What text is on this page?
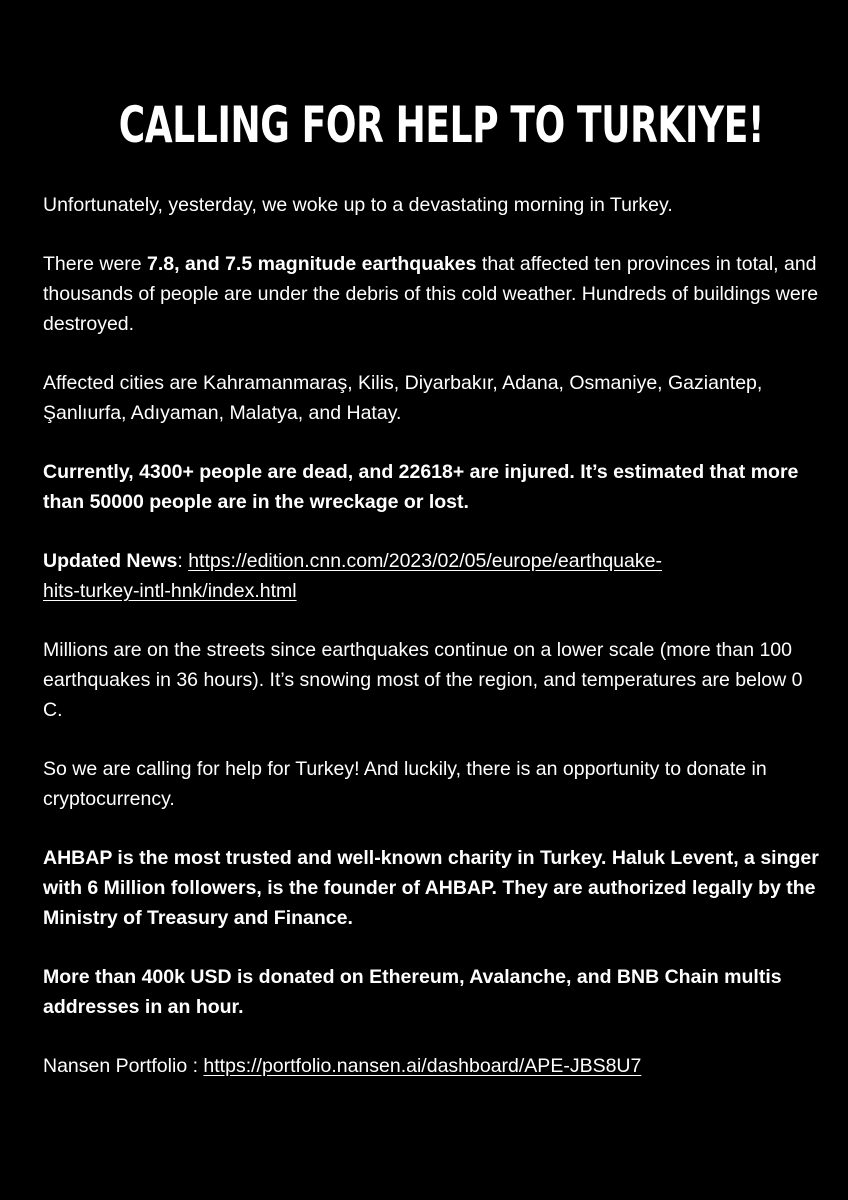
CALLING FOR HELP TO TURKIYE!

Unfortunately, yesterday, we woke up to a devastating morning in Turkey.

There were 7.8, and 7.5 magnitude earthquakes that affected ten provinces in total, and thousands of people are under the debris of this cold weather. Hundreds of buildings were destroyed.

Affected cities are Kahramanmaraş, Kilis, Diyarbakır, Adana, Osmaniye, Gaziantep, Şanlıurfa, Adıyaman, Malatya, and Hatay.

Currently, 4300+ people are dead, and 22618+ are injured. It’s estimated that more than 50000 people are in the wreckage or lost.

Updated News: https://edition.cnn.com/2023/02/05/europe/earthquake-
hits-turkey-intl-hnk/index.html

Millions are on the streets since earthquakes continue on a lower scale (more than 100 earthquakes in 36 hours). It’s snowing most of the region, and temperatures are below 0 C.

So we are calling for help for Turkey! And luckily, there is an opportunity to donate in cryptocurrency.

AHBAP is the most trusted and well-known charity in Turkey. Haluk Levent, a singer with 6 Million followers, is the founder of AHBAP. They are authorized legally by the Ministry of Treasury and Finance.

More than 400k USD is donated on Ethereum, Avalanche, and BNB Chain multis addresses in an hour.

Nansen Portfolio : https://portfolio.nansen.ai/dashboard/APE-JBS8U7
